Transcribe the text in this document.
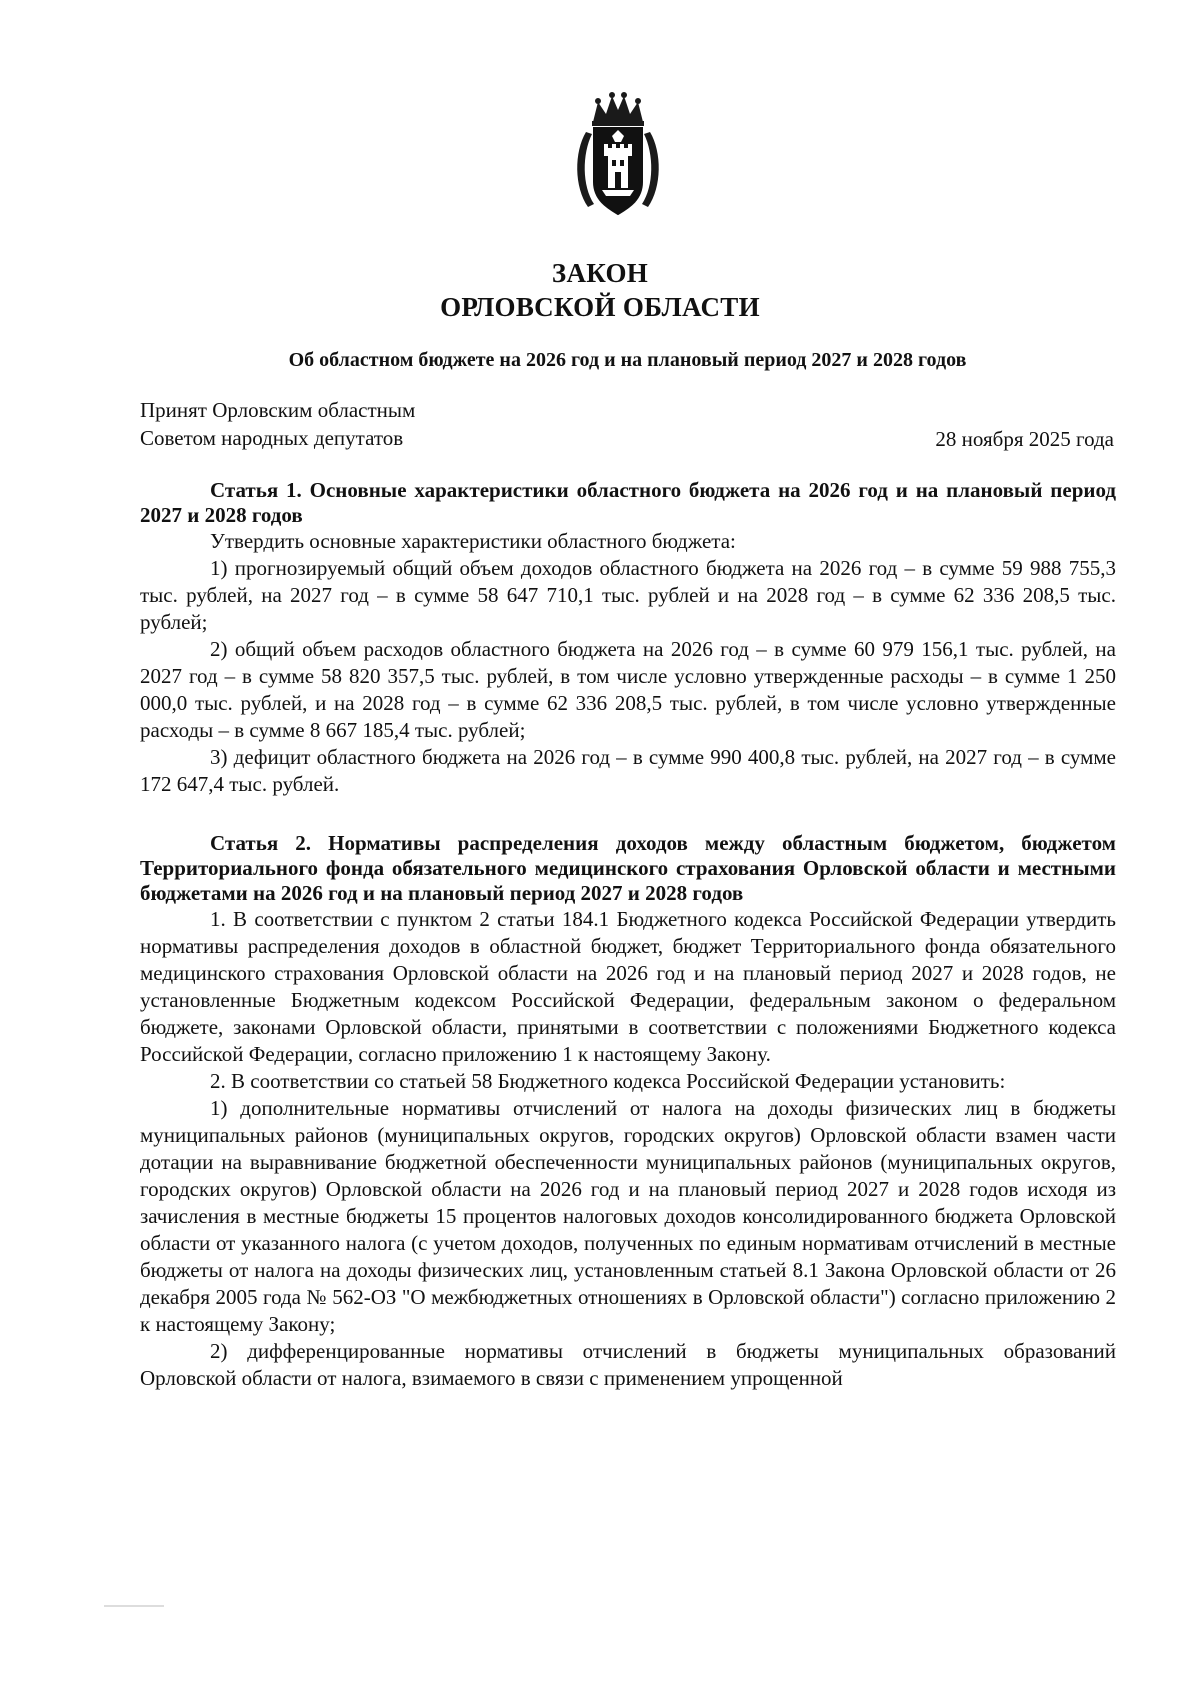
ЗАКОН
ОРЛОВСКОЙ ОБЛАСТИ
Об областном бюджете на 2026 год и на плановый период 2027 и 2028 годов
Принят Орловским областным
Советом народных депутатов	28 ноября 2025 года
Статья 1. Основные характеристики областного бюджета на 2026 год и на плановый период 2027 и 2028 годов
Утвердить основные характеристики областного бюджета:
1) прогнозируемый общий объем доходов областного бюджета на 2026 год – в сумме 59 988 755,3 тыс. рублей, на 2027 год – в сумме 58 647 710,1 тыс. рублей и на 2028 год – в сумме 62 336 208,5 тыс. рублей;
2) общий объем расходов областного бюджета на 2026 год – в сумме 60 979 156,1 тыс. рублей, на 2027 год – в сумме 58 820 357,5 тыс. рублей, в том числе условно утвержденные расходы – в сумме 1 250 000,0 тыс. рублей, и на 2028 год – в сумме 62 336 208,5 тыс. рублей, в том числе условно утвержденные расходы – в сумме 8 667 185,4 тыс. рублей;
3) дефицит областного бюджета на 2026 год – в сумме 990 400,8 тыс. рублей, на 2027 год – в сумме 172 647,4 тыс. рублей.
Статья 2. Нормативы распределения доходов между областным бюджетом, бюджетом Территориального фонда обязательного медицинского страхования Орловской области и местными бюджетами на 2026 год и на плановый период 2027 и 2028 годов
1. В соответствии с пунктом 2 статьи 184.1 Бюджетного кодекса Российской Федерации утвердить нормативы распределения доходов в областной бюджет, бюджет Территориального фонда обязательного медицинского страхования Орловской области на 2026 год и на плановый период 2027 и 2028 годов, не установленные Бюджетным кодексом Российской Федерации, федеральным законом о федеральном бюджете, законами Орловской области, принятыми в соответствии с положениями Бюджетного кодекса Российской Федерации, согласно приложению 1 к настоящему Закону.
2. В соответствии со статьей 58 Бюджетного кодекса Российской Федерации установить:
1) дополнительные нормативы отчислений от налога на доходы физических лиц в бюджеты муниципальных районов (муниципальных округов, городских округов) Орловской области взамен части дотации на выравнивание бюджетной обеспеченности муниципальных районов (муниципальных округов, городских округов) Орловской области на 2026 год и на плановый период 2027 и 2028 годов исходя из зачисления в местные бюджеты 15 процентов налоговых доходов консолидированного бюджета Орловской области от указанного налога (с учетом доходов, полученных по единым нормативам отчислений в местные бюджеты от налога на доходы физических лиц, установленным статьей 8.1 Закона Орловской области от 26 декабря 2005 года № 562-ОЗ "О межбюджетных отношениях в Орловской области") согласно приложению 2 к настоящему Закону;
2) дифференцированные нормативы отчислений в бюджеты муниципальных образований Орловской области от налога, взимаемого в связи с применением упрощенной
